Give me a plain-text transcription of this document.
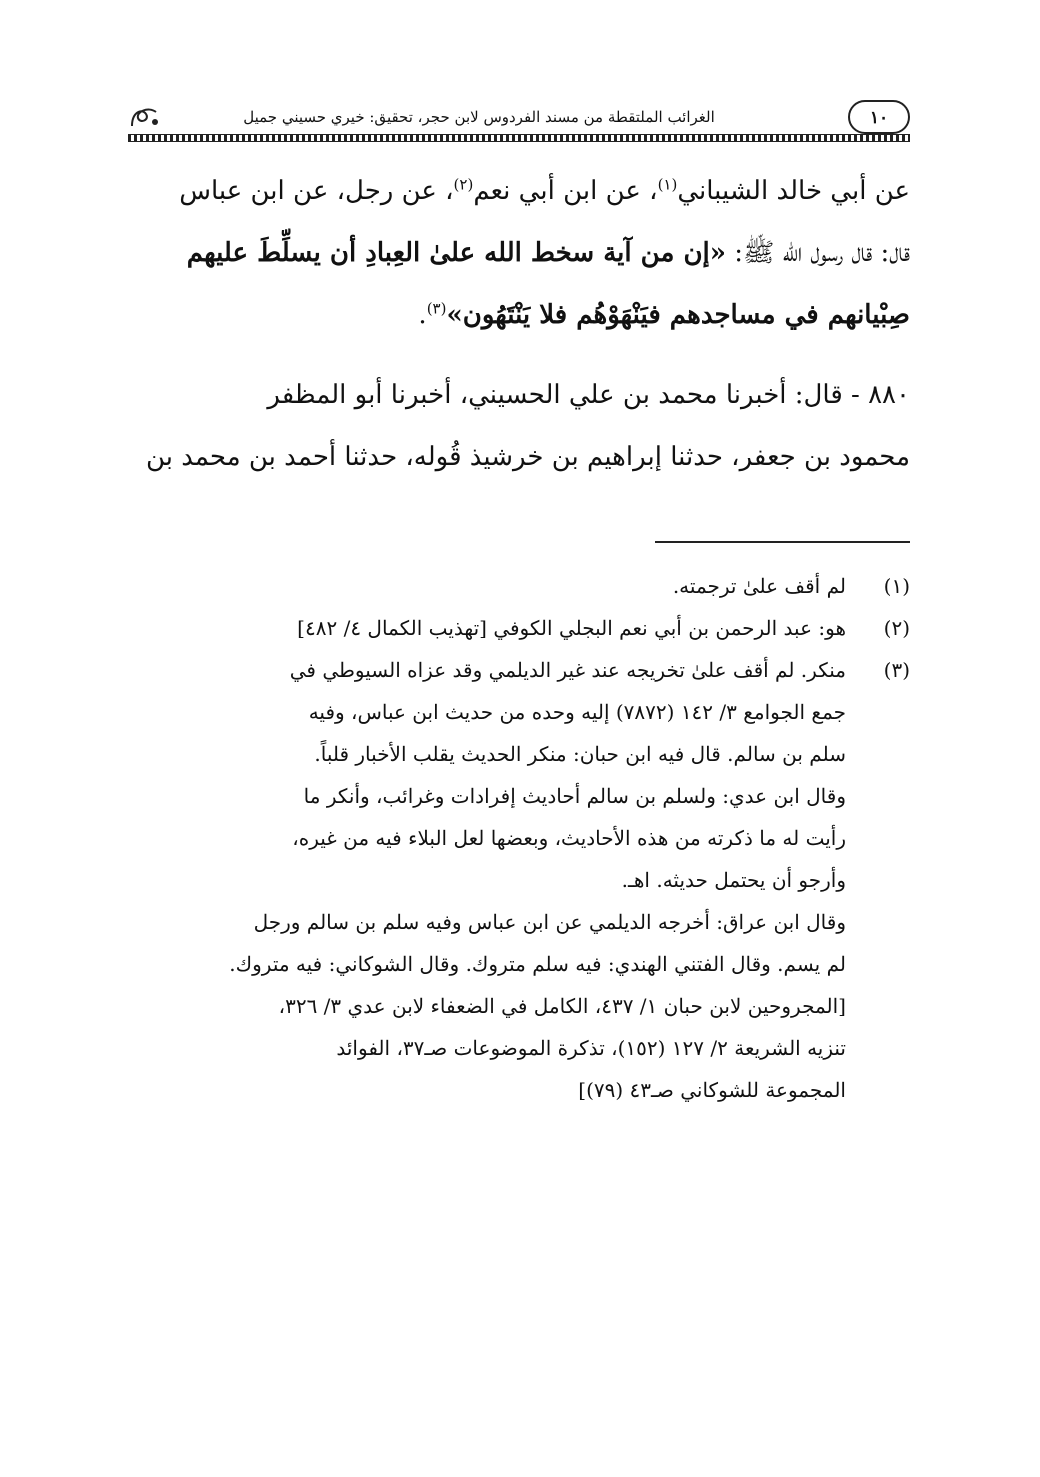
١٠
الغرائب الملتقطة من مسند الفردوس لابن حجر، تحقيق: خيري حسيني جميل

عن أبي خالد الشيباني$^{(١)}$، عن ابن أبي نعم$^{(٢)}$، عن رجل، عن ابن عباس

قال: قال رسول الله ﷺ: «إن من آية سخط الله علىٰ العِبادِ أن يسلِّطَ عليهم

صِبْيانهم في مساجدهم فيَنْهَوْهُم فلا يَنْتَهُون»$^{(٣)}$.

٨٨٠ - قال: أخبرنا محمد بن علي الحسيني، أخبرنا أبو المظفر

محمود بن جعفر، حدثنا إبراهيم بن خرشيذ قُوله، حدثنا أحمد بن محمد بن

(١)
لم أقف علىٰ ترجمته.
(٢)
هو: عبد الرحمن بن أبي نعم البجلي الكوفي [تهذيب الكمال ٤/ ٤٨٢]
(٣)
منكر. لم أقف علىٰ تخريجه عند غير الديلمي وقد عزاه السيوطي في
جمع الجوامع ٣/ ١٤٢ (٧٨٧٢) إليه وحده من حديث ابن عباس، وفيه
سلم بن سالم. قال فيه ابن حبان: منكر الحديث يقلب الأخبار قلباً.
وقال ابن عدي: ولسلم بن سالم أحاديث إفرادات وغرائب، وأنكر ما
رأيت له ما ذكرته من هذه الأحاديث، وبعضها لعل البلاء فيه من غيره،
وأرجو أن يحتمل حديثه. اهـ.
وقال ابن عراق: أخرجه الديلمي عن ابن عباس وفيه سلم بن سالم ورجل
لم يسم. وقال الفتني الهندي: فيه سلم متروك. وقال الشوكاني: فيه متروك.
[المجروحين لابن حبان ١/ ٤٣٧، الكامل في الضعفاء لابن عدي ٣/ ٣٢٦،
تنزيه الشريعة ٢/ ١٢٧ (١٥٢)، تذكرة الموضوعات صـ٣٧، الفوائد
المجموعة للشوكاني صـ٤٣ (٧٩)]
